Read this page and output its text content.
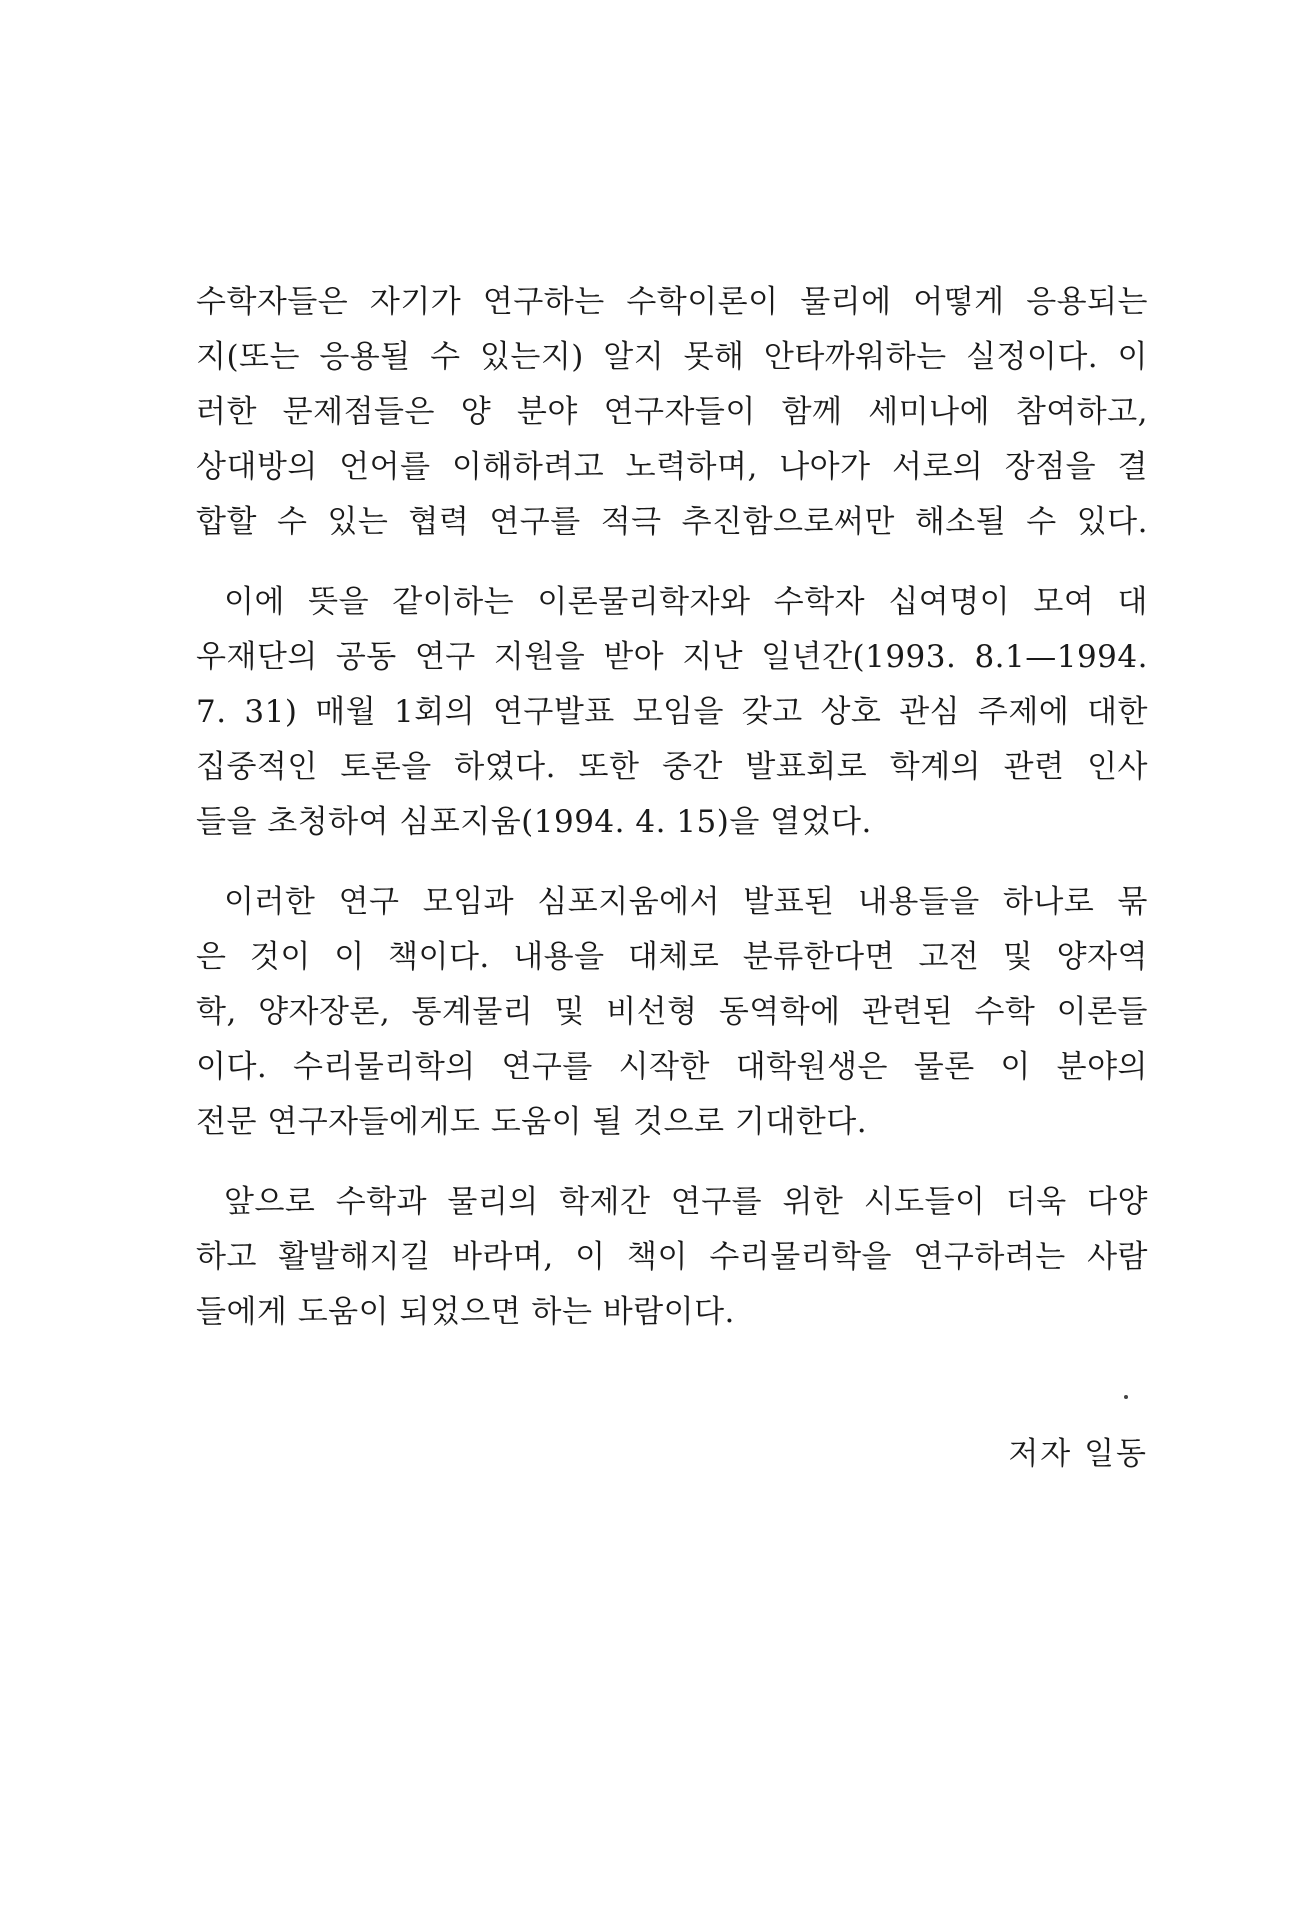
수학자들은 자기가 연구하는 수학이론이 물리에 어떻게 응용되는
지(또는 응용될 수 있는지) 알지 못해 안타까워하는 실정이다. 이
러한 문제점들은 양 분야 연구자들이 함께 세미나에 참여하고,
상대방의 언어를 이해하려고 노력하며, 나아가 서로의 장점을 결
합할 수 있는 협력 연구를 적극 추진함으로써만 해소될 수 있다.
이에 뜻을 같이하는 이론물리학자와 수학자 십여명이 모여 대
우재단의 공동 연구 지원을 받아 지난 일년간(1993. 8.1—1994.
7. 31) 매월 1회의 연구발표 모임을 갖고 상호 관심 주제에 대한
집중적인 토론을 하였다. 또한 중간 발표회로 학계의 관련 인사
들을 초청하여 심포지움(1994. 4. 15)을 열었다.
이러한 연구 모임과 심포지움에서 발표된 내용들을 하나로 묶
은 것이 이 책이다. 내용을 대체로 분류한다면 고전 및 양자역
학, 양자장론, 통계물리 및 비선형 동역학에 관련된 수학 이론들
이다. 수리물리학의 연구를 시작한 대학원생은 물론 이 분야의
전문 연구자들에게도 도움이 될 것으로 기대한다.
앞으로 수학과 물리의 학제간 연구를 위한 시도들이 더욱 다양
하고 활발해지길 바라며, 이 책이 수리물리학을 연구하려는 사람
들에게 도움이 되었으면 하는 바람이다.
저자 일동
